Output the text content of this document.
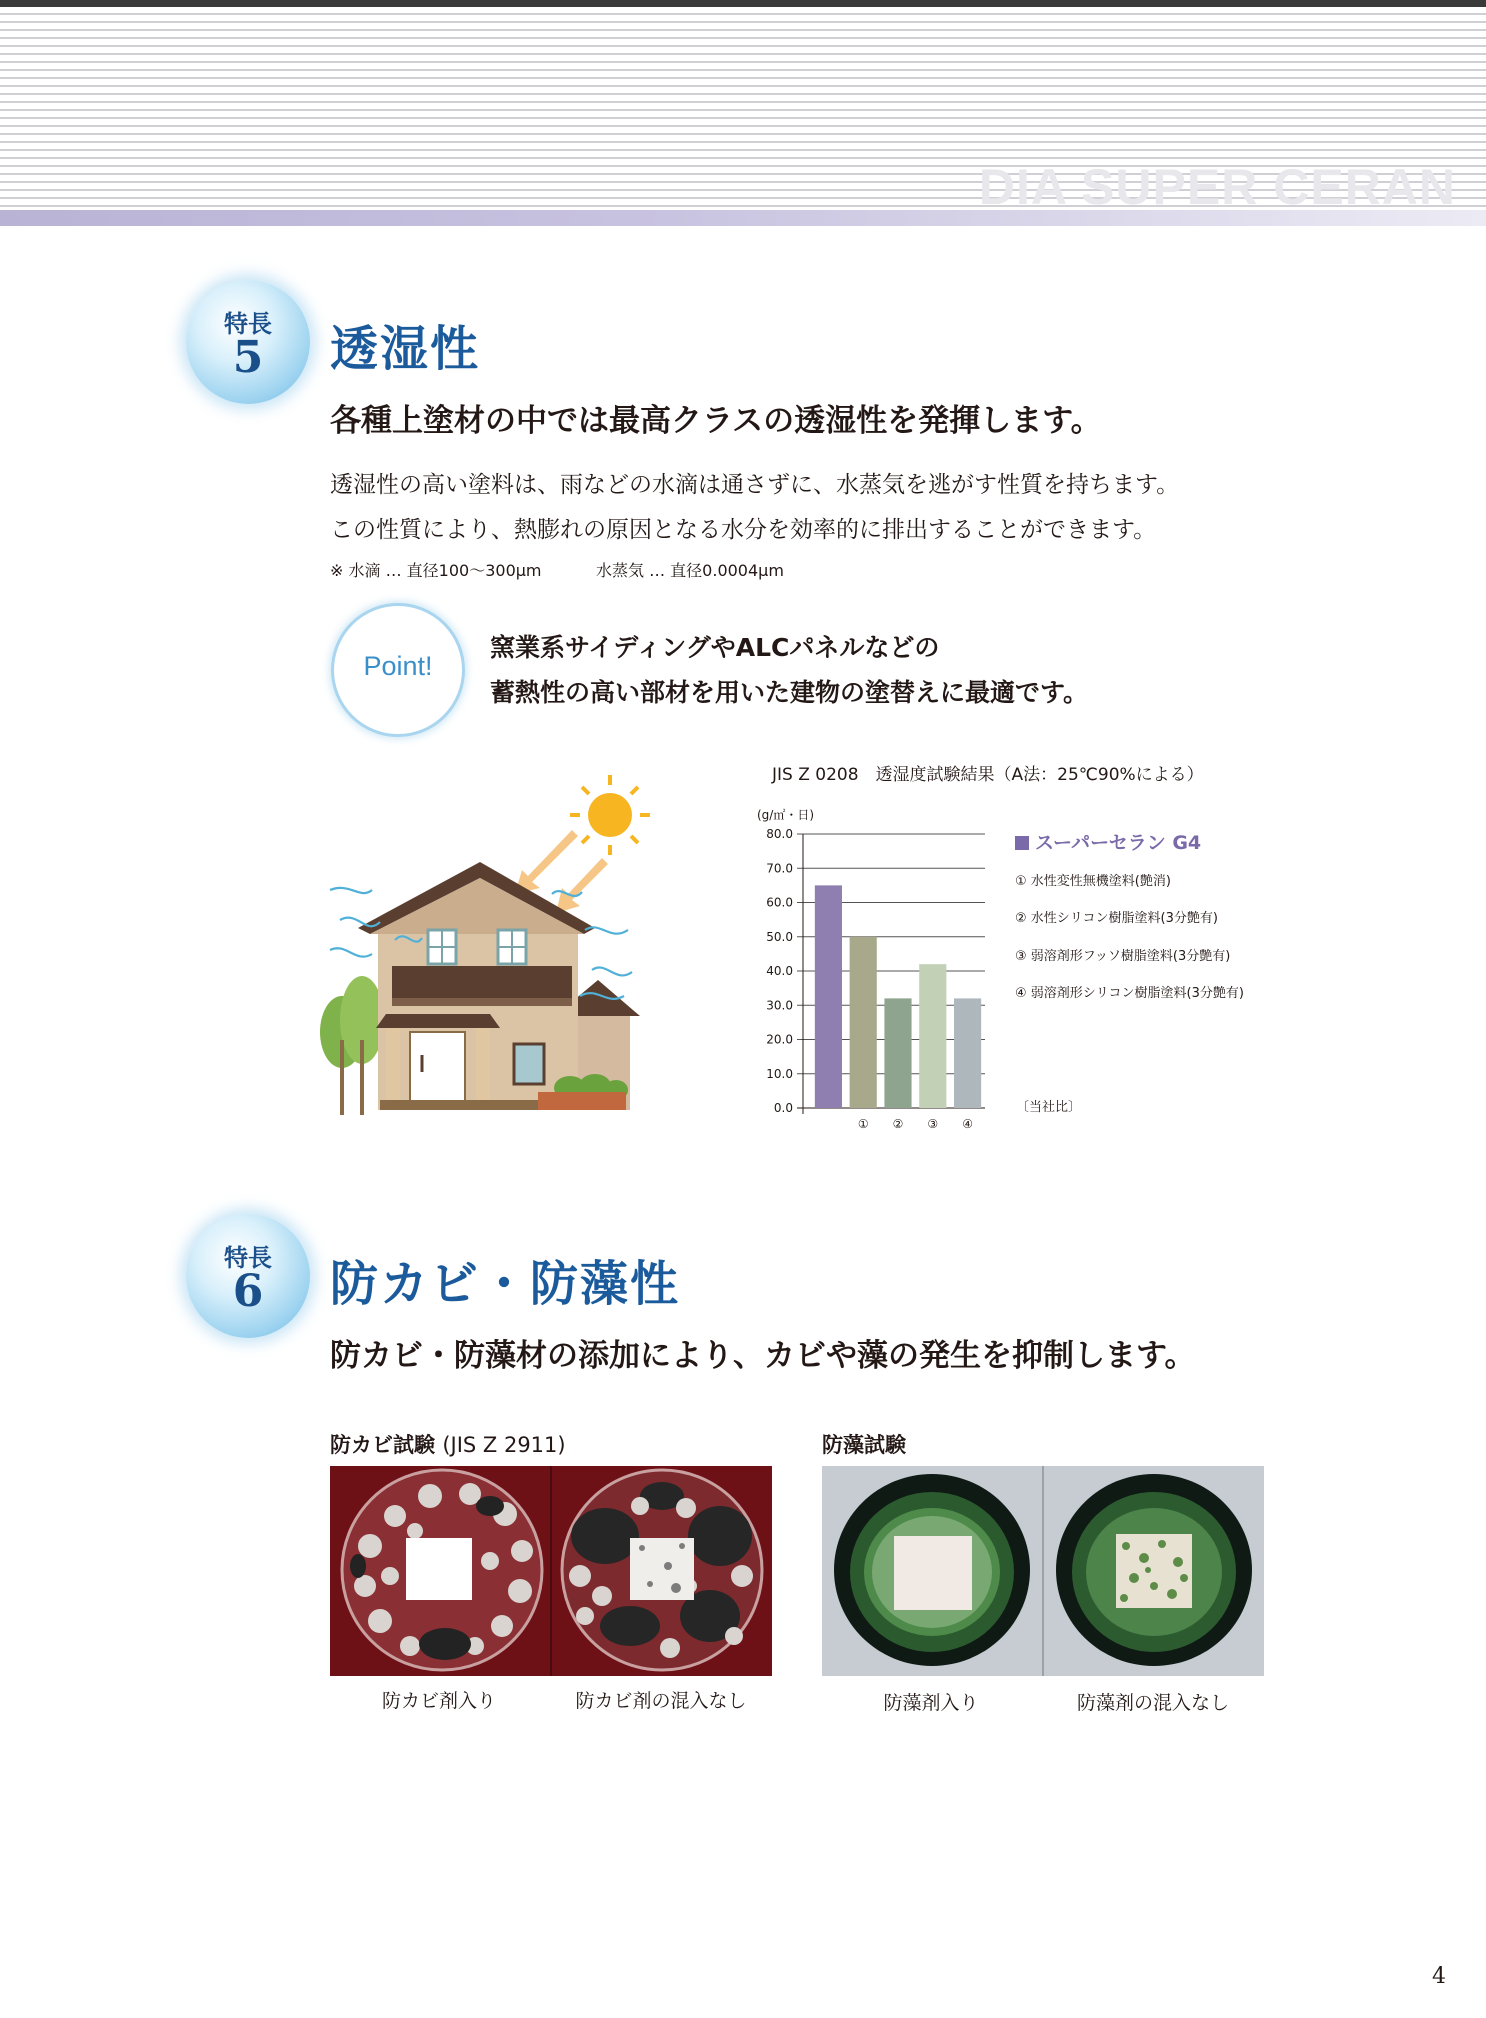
DIA SUPER CERAN
特長
5	透湿性
各種上塗材の中では最高クラスの透湿性を発揮します。
透湿性の高い塗料は、雨などの水滴は通さずに、水蒸気を逃がす性質を持ちます。
この性質により、熱膨れの原因となる水分を効率的に排出することができます。
※ 水滴 … 直径100〜300μm	水蒸気 … 直径0.0004μm
Point!
窯業系サイディングやALCパネルなどの
蓄熱性の高い部材を用いた建物の塗替えに最適です。
JIS Z 0208　透湿度試験結果（A法：25℃90%による）
(g/㎡・日)
0.0
10.0
20.0
30.0
40.0
50.0
60.0
70.0
80.0
① ② ③ ④
スーパーセラン G4
① 水性変性無機塗料(艶消)
② 水性シリコン樹脂塗料(3分艶有)
③ 弱溶剤形フッソ樹脂塗料(3分艶有)
④ 弱溶剤形シリコン樹脂塗料(3分艶有)
〔当社比〕
特長
6	防カビ・防藻性
防カビ・防藻材の添加により、カビや藻の発生を抑制します。
防カビ試験 (JIS Z 2911)
防カビ剤入り	防カビ剤の混入なし
防藻試験
防藻剤入り	防藻剤の混入なし
4
